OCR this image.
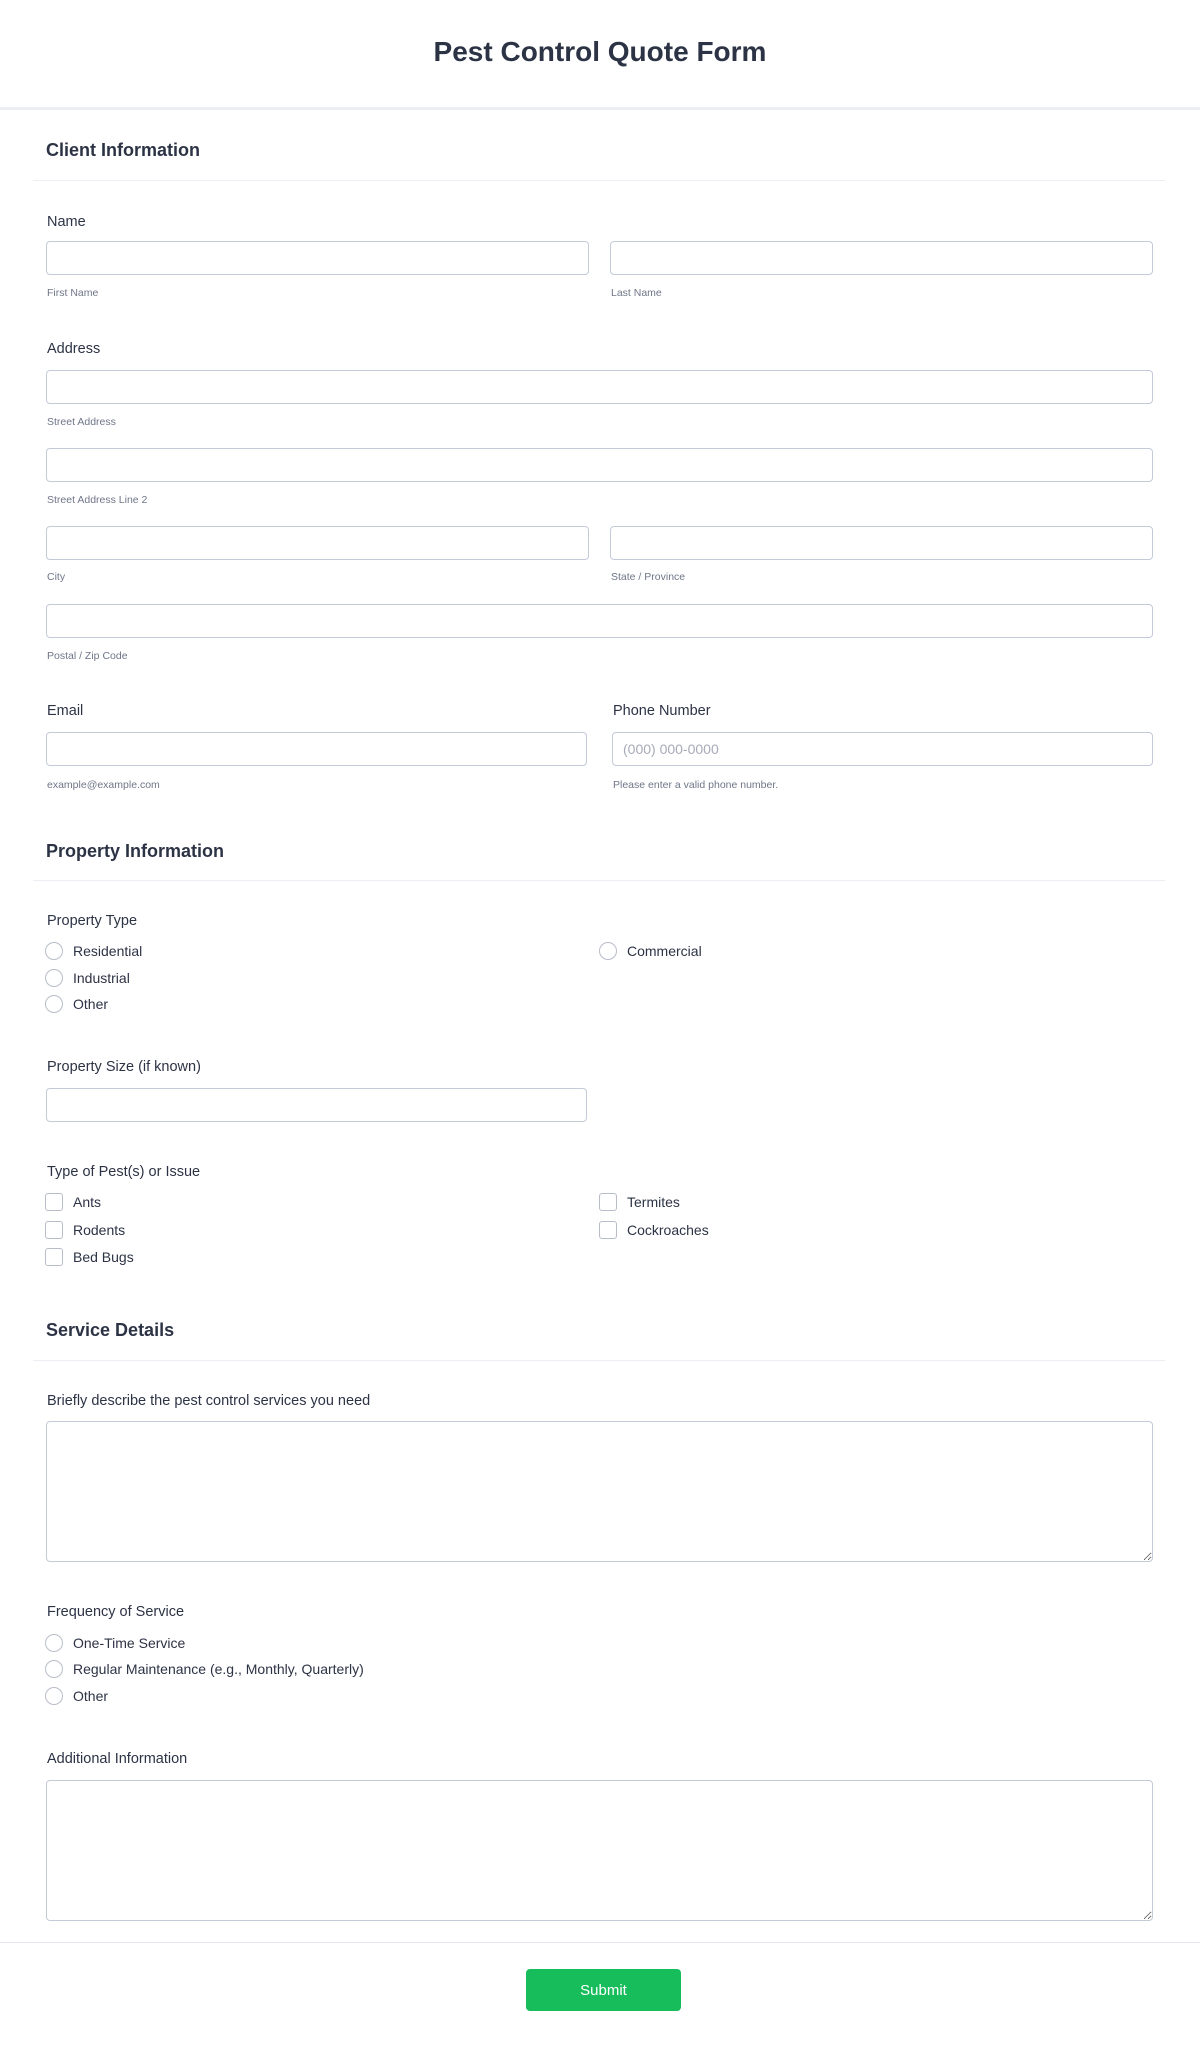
Pest Control Quote Form
Client Information
Name
First Name	Last Name
Address
Street Address
Street Address Line 2
City	State / Province
Postal / Zip Code
Email	Phone Number
(000) 000-0000
example@example.com	Please enter a valid phone number.
Property Information
Property Type
Residential	Commercial
Industrial
Other
Property Size (if known)
Type of Pest(s) or Issue
Ants	Termites
Rodents	Cockroaches
Bed Bugs
Service Details
Briefly describe the pest control services you need
Frequency of Service
One-Time Service
Regular Maintenance (e.g., Monthly, Quarterly)
Other
Additional Information
Submit
